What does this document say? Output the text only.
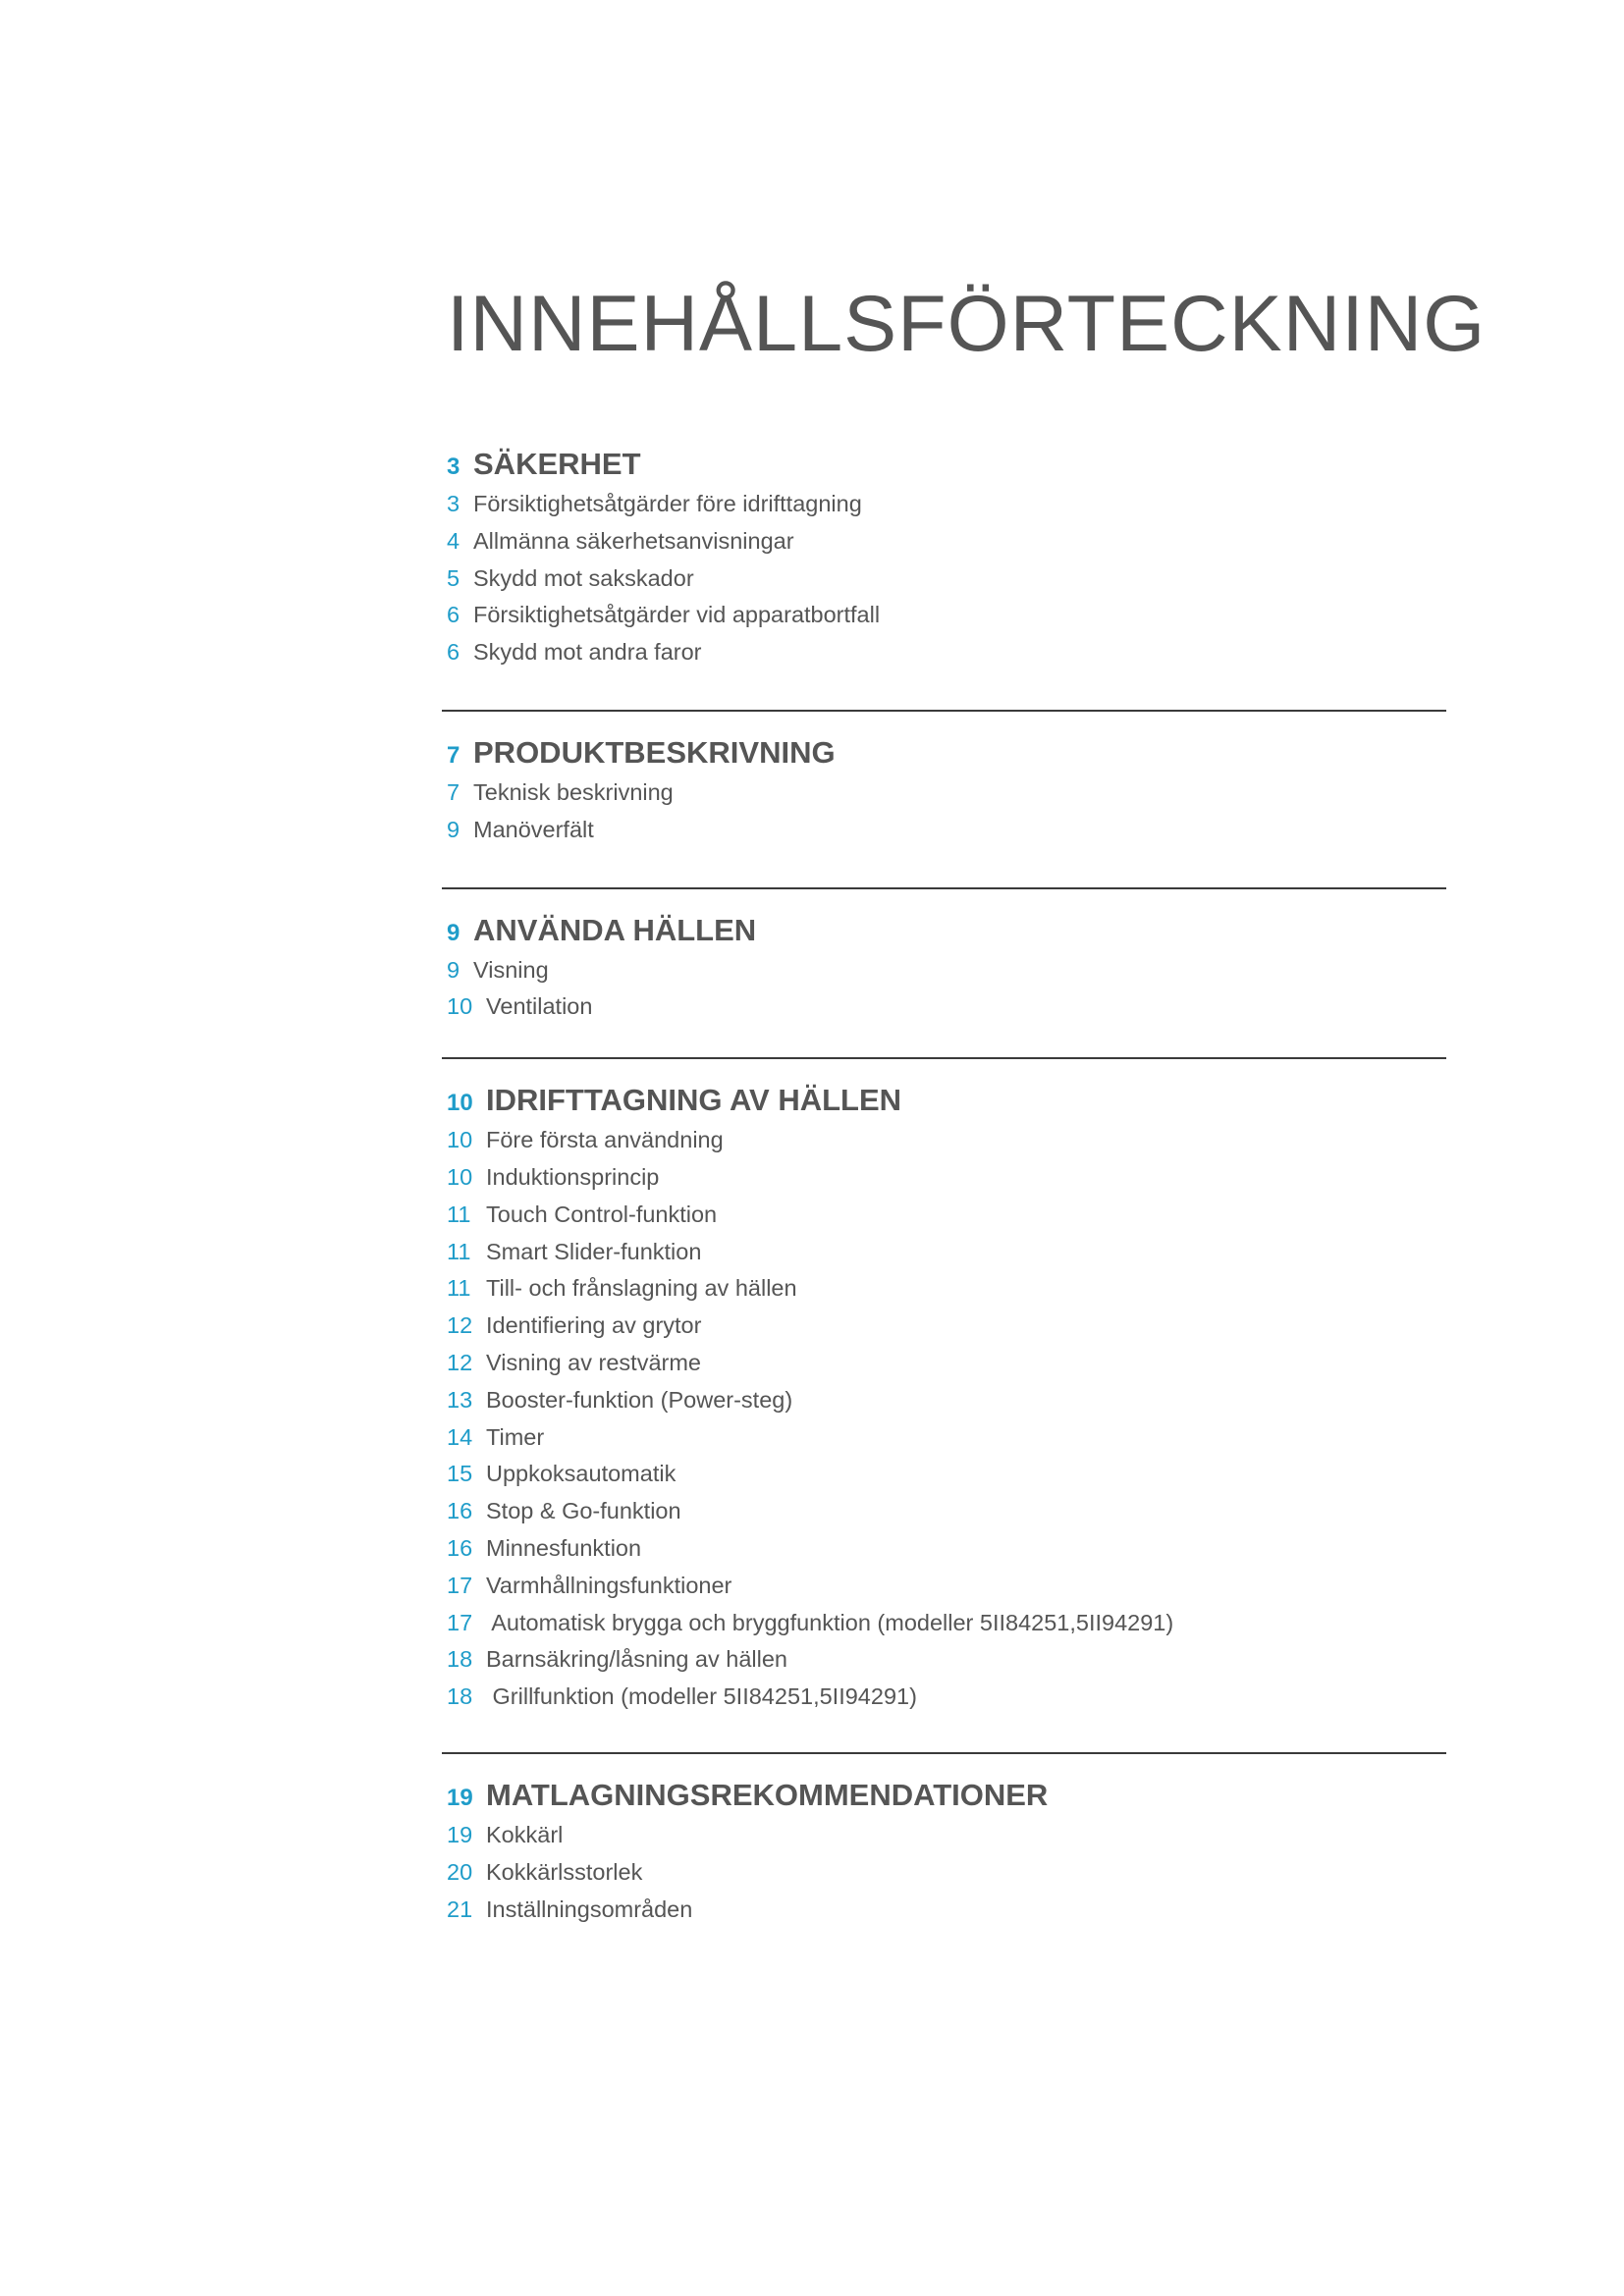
INNEHÅLLSFÖRTECKNING
3 SÄKERHET
3 Försiktighetsåtgärder före idrifttagning
4 Allmänna säkerhetsanvisningar
5 Skydd mot sakskador
6 Försiktighetsåtgärder vid apparatbortfall
6 Skydd mot andra faror
7 PRODUKTBESKRIVNING
7 Teknisk beskrivning
9 Manöverfält
9 ANVÄNDA HÄLLEN
9 Visning
10 Ventilation
10 IDRIFTTAGNING AV HÄLLEN
10 Före första användning
10 Induktionsprincip
11 Touch Control-funktion
11 Smart Slider-funktion
11 Till- och frånslagning av hällen
12 Identifiering av grytor
12 Visning av restvärme
13 Booster-funktion (Power-steg)
14 Timer
15 Uppkoksautomatik
16 Stop & Go-funktion
16 Minnesfunktion
17 Varmhållningsfunktioner
17 Automatisk brygga och bryggfunktion (modeller 5II84251,5II94291)
18 Barnsäkring/låsning av hällen
18 Grillfunktion (modeller 5II84251,5II94291)
19 MATLAGNINGSREKOMMENDATIONER
19 Kokkärl
20 Kokkärlsstorlek
21 Inställningsområden
